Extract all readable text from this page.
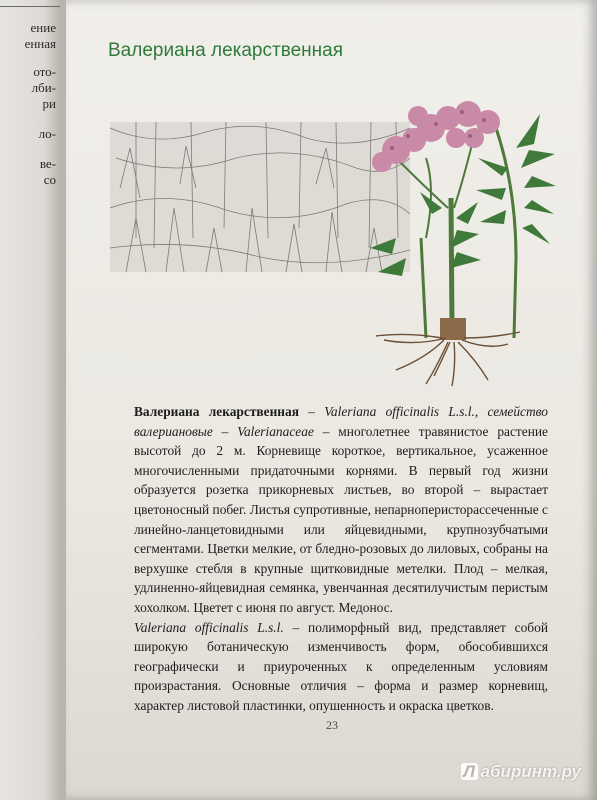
ение
енная
ото-
лби-
ри
ло-
ве-
со
Валериана лекарственная

Валериана лекарственная – Valeriana officinalis L.s.l., семейство валериановые – Valerianaceae – многолетнее травянистое растение высотой до 2 м. Корневище короткое, вертикальное, усаженное многочисленными придаточными корнями. В первый год жизни образуется розетка прикорневых листьев, во второй – вырастает цветоносный побег. Листья супротивные, непарноперисторассеченные с линейно-ланцетовидными или яйцевидными, крупнозубчатыми сегментами. Цветки мелкие, от бледно-розовых до лиловых, собраны на верхушке стебля в крупные щитковидные метелки. Плод – мелкая, удлиненно-яйцевидная семянка, увенчанная десятилучистым перистым хохолком. Цветет с июня по август. Медонос.

Valeriana officinalis L.s.l. – полиморфный вид, представляет собой широкую ботаническую изменчивость форм, обособившихся географически и приуроченных к определенным условиям произрастания. Основные отличия – форма и размер корневищ, характер листовой пластинки, опушенность и окраска цветков.

23
Л абиринт.ру
